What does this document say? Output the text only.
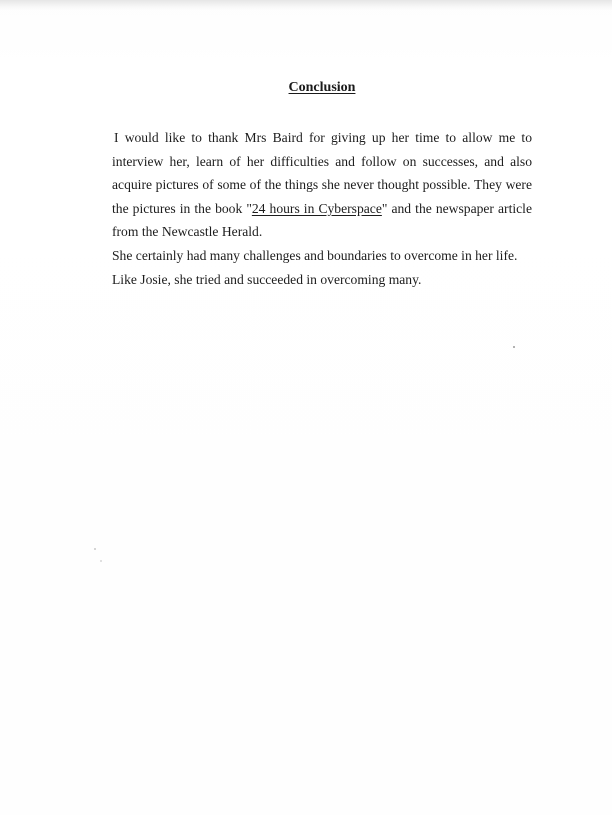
Conclusion

I would like to thank Mrs Baird for giving up her time to allow me to interview her, learn of her difficulties and follow on successes, and also acquire pictures of some of the things she never thought possible. They were the pictures in the book "24 hours in Cyberspace" and the newspaper article from the Newcastle Herald.

She certainly had many challenges and boundaries to overcome in her life.
Like Josie, she tried and succeeded in overcoming many.
